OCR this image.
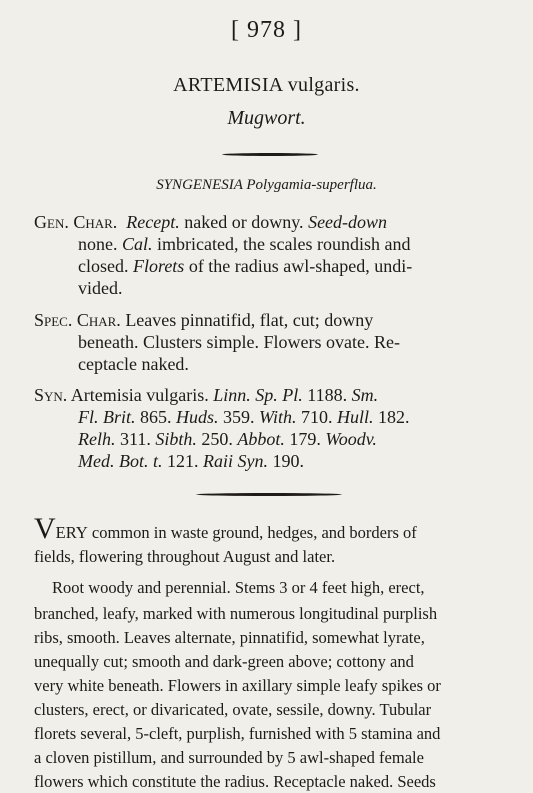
[ 978 ]
ARTEMISIA vulgaris.
Mugwort.
SYNGENESIA Polygamia-superflua.
Gen. Char. Recept. naked or downy. Seed-down
none. Cal. imbricated, the scales roundish and
closed. Florets of the radius awl-shaped, undi-
vided.
Spec. Char. Leaves pinnatifid, flat, cut; downy
beneath. Clusters simple. Flowers ovate. Re-
ceptacle naked.
Syn. Artemisia vulgaris. Linn. Sp. Pl. 1188. Sm.
Fl. Brit. 865. Huds. 359. With. 710. Hull. 182.
Relh. 311. Sibth. 250. Abbot. 179. Woodv.
Med. Bot. t. 121. Raii Syn. 190.
VERY common in waste ground, hedges, and borders of
fields, flowering throughout August and later.
Root woody and perennial. Stems 3 or 4 feet high, erect,
branched, leafy, marked with numerous longitudinal purplish
ribs, smooth. Leaves alternate, pinnatifid, somewhat lyrate,
unequally cut; smooth and dark-green above; cottony and
very white beneath. Flowers in axillary simple leafy spikes or
clusters, erect, or divaricated, ovate, sessile, downy. Tubular
florets several, 5-cleft, purplish, furnished with 5 stamina and
a cloven pistillum, and surrounded by 5 awl-shaped female
flowers which constitute the radius. Receptacle naked. Seeds
